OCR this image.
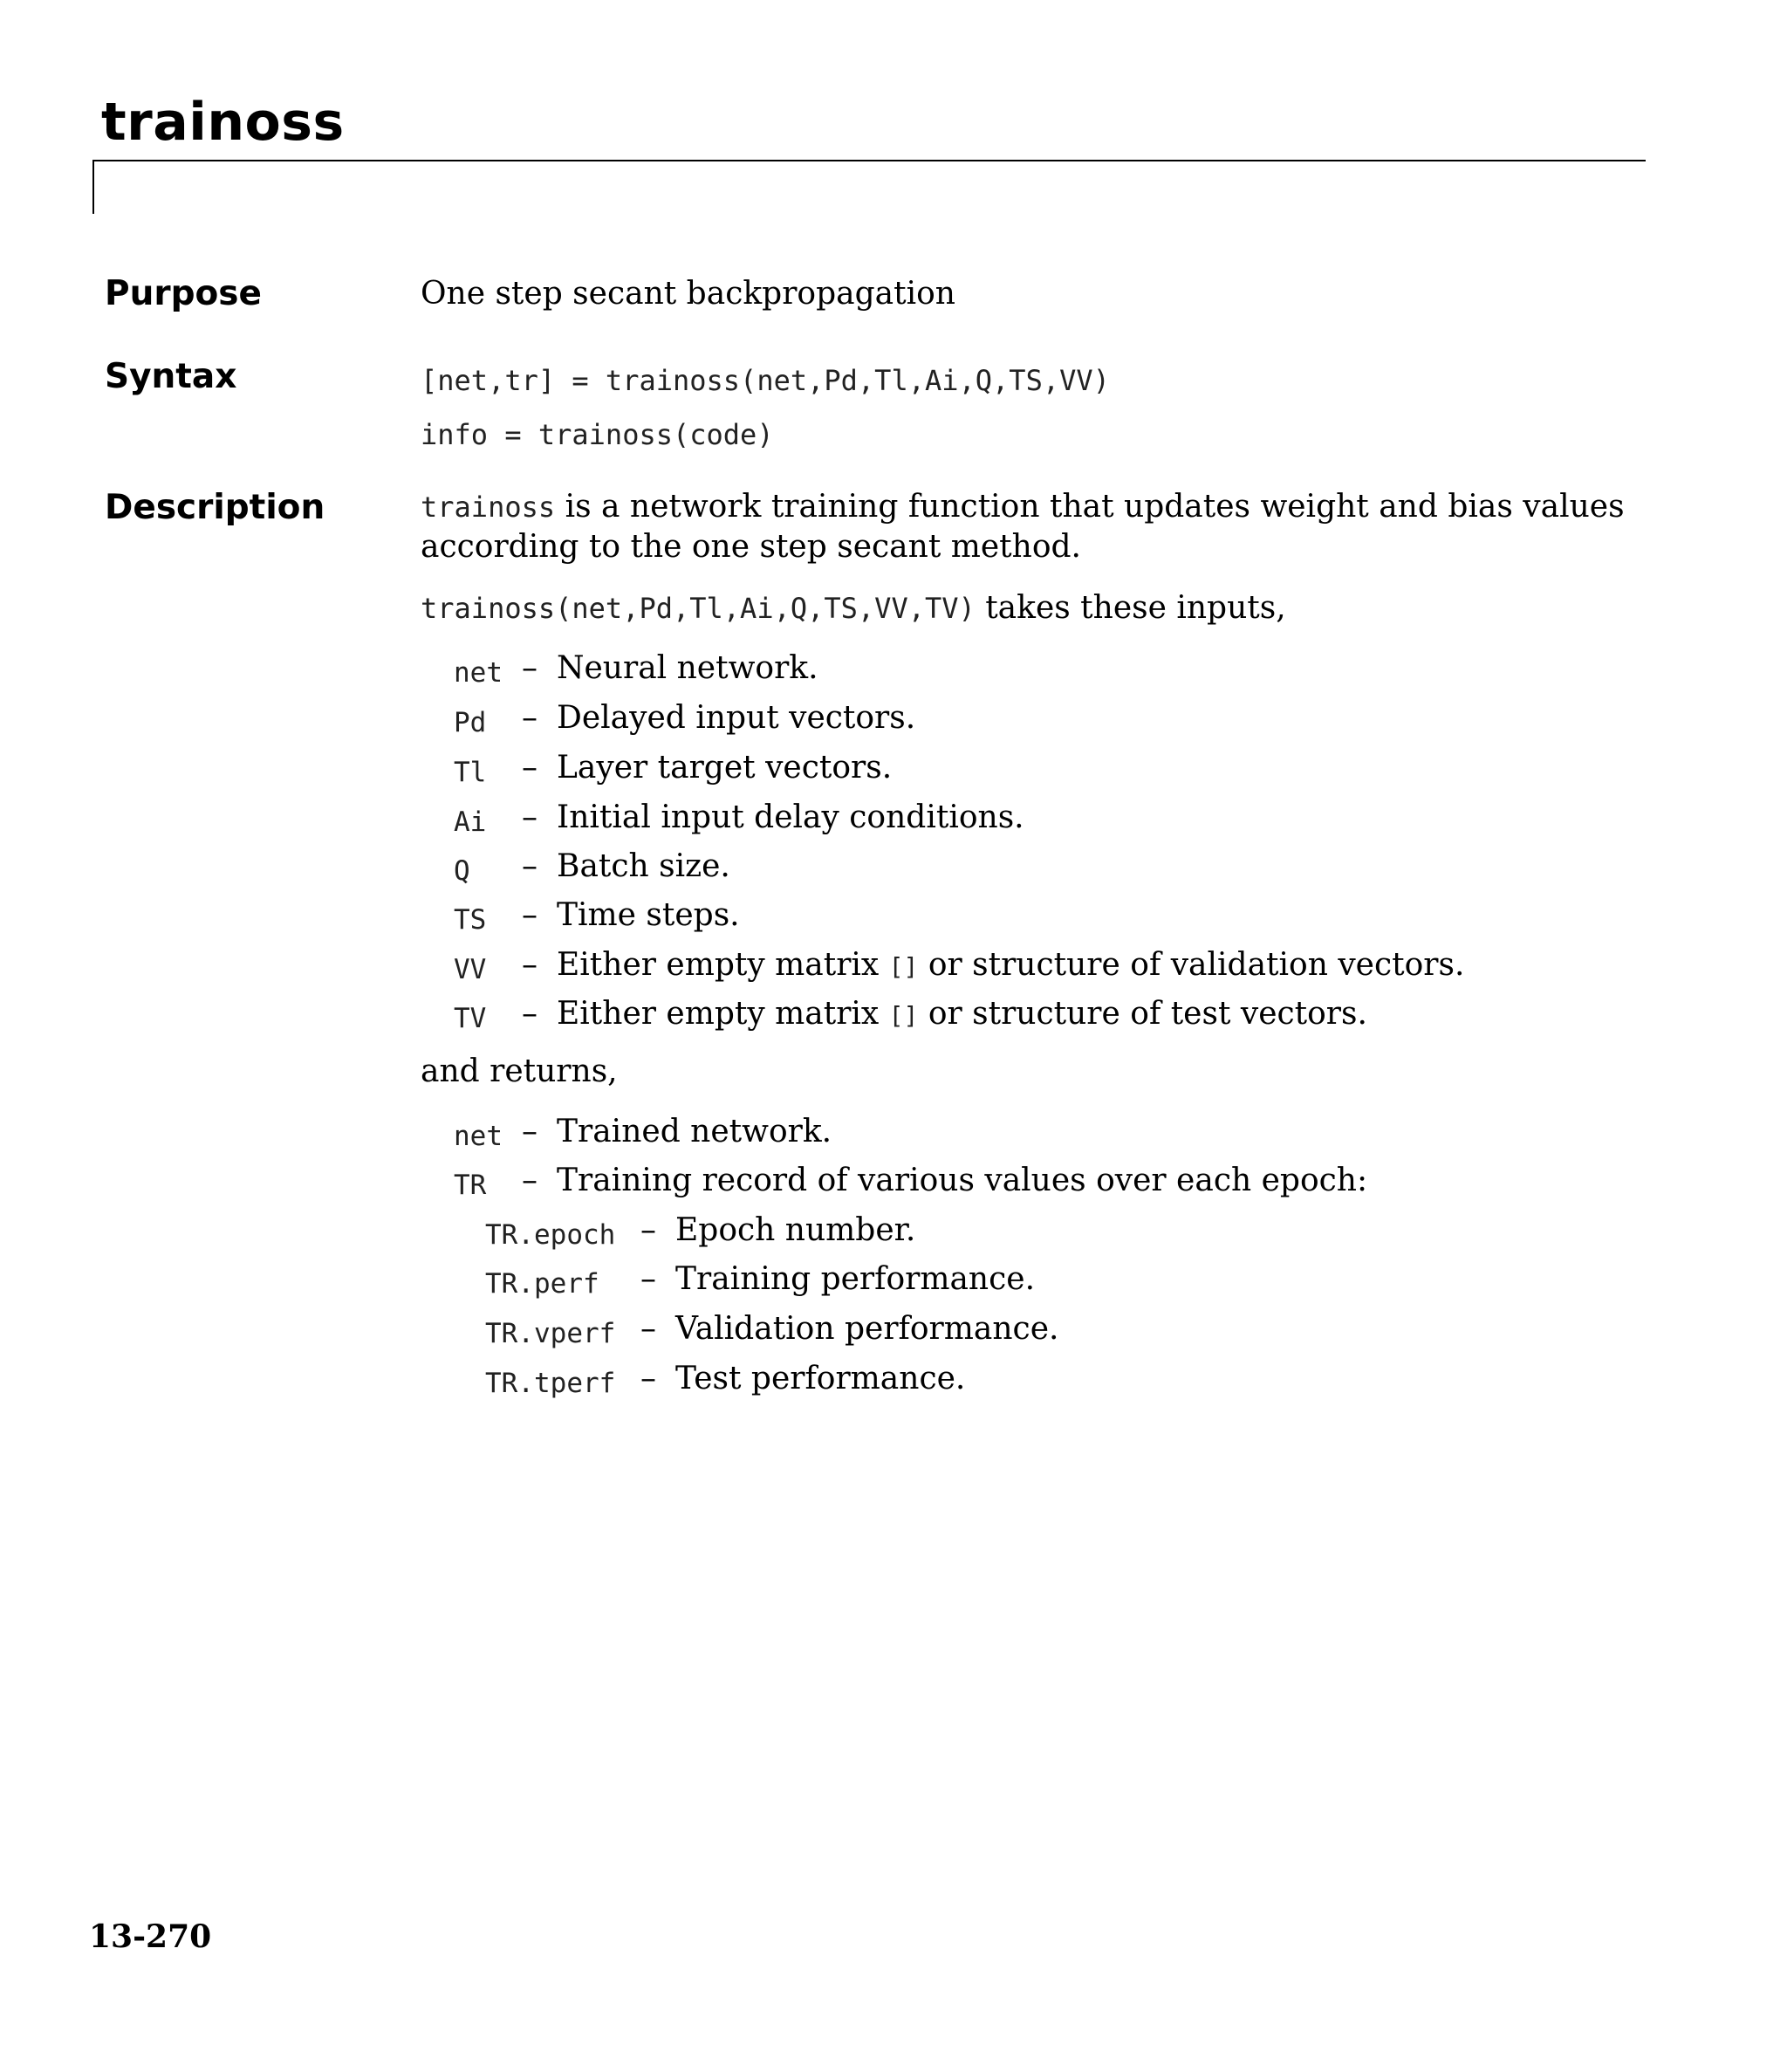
trainoss
Purpose	One step secant backpropagation
Syntax	[net,tr] = trainoss(net,Pd,Tl,Ai,Q,TS,VV)
info = trainoss(code)
Description	trainoss is a network training function that updates weight and bias values
according to the one step secant method.
trainoss(net,Pd,Tl,Ai,Q,TS,VV,TV) takes these inputs,
net – Neural network.
Pd – Delayed input vectors.
Tl – Layer target vectors.
Ai – Initial input delay conditions.
Q – Batch size.
TS – Time steps.
VV – Either empty matrix [] or structure of validation vectors.
TV – Either empty matrix [] or structure of test vectors.
and returns,
net – Trained network.
TR – Training record of various values over each epoch:
TR.epoch – Epoch number.
TR.perf – Training performance.
TR.vperf – Validation performance.
TR.tperf – Test performance.
13-270
